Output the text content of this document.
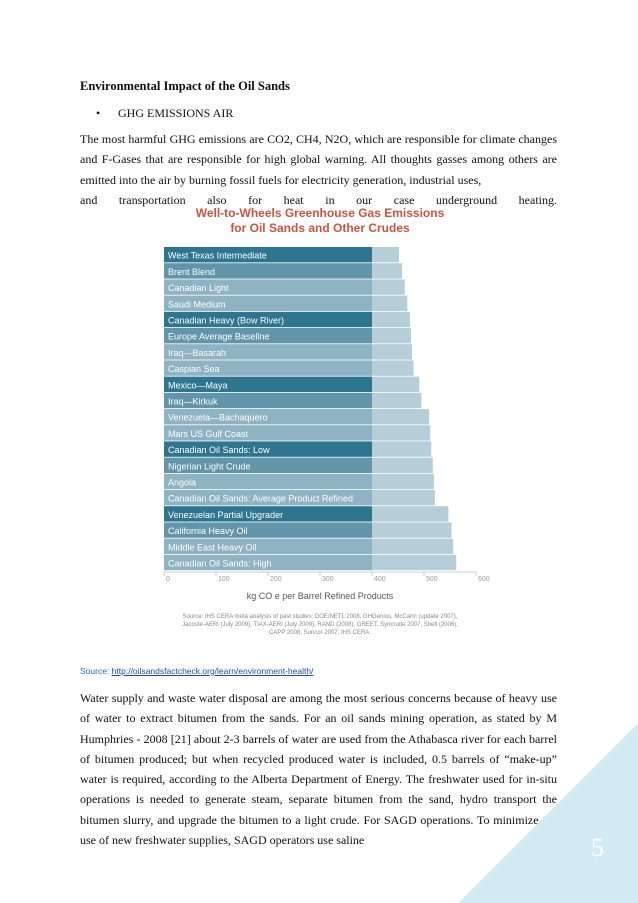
Environmental Impact of the Oil Sands
• GHG EMISSIONS AIR
The most harmful GHG emissions are CO2, CH4, N2O, which are responsible for climate changes and F-Gases that are responsible for high global warning. All thoughts gasses among others are emitted into the air by burning fossil fuels for electricity generation, industrial uses,
and transportation also for heat in our case underground heating.
Well-to-Wheels Greenhouse Gas Emissions
for Oil Sands and Other Crudes
West Texas Intermediate
Brent Blend
Canadian Light
Saudi Medium
Canadian Heavy (Bow River)
Europe Average Baseline
Iraq—Basarah
Caspian Sea
Mexico—Maya
Iraq—Kirkuk
Venezuela—Bachaquero
Mars US Gulf Coast
Canadian Oil Sands: Low
Nigerian Light Crude
Angola
Canadian Oil Sands: Average Product Refined
Venezuelan Partial Upgrader
California Heavy Oil
Middle East Heavy Oil
Canadian Oil Sands: High
0	100	200	300	400	500	600
kg CO e per Barrel Refined Products
Source: IHS CERA meta analysis of past studies: DOE/NETL 2008, GHGenius, McCann (update 2007), Jacoste-AERI (July 2009), TIAX-AERI (July 2009), RAND (2008), GREET, Syncrude 2007, Shell (2006), CAPP 2008, Suncor 2007, IHS CERA.
Source: http://oilsandsfactcheck.org/learn/environment-health/
Water supply and waste water disposal are among the most serious concerns because of heavy use of water to extract bitumen from the sands. For an oil sands mining operation, as stated by M Humphries - 2008 [21] about 2-3 barrels of water are used from the Athabasca river for each barrel of bitumen produced; but when recycled produced water is included, 0.5 barrels of “make-up” water is required, according to the Alberta Department of Energy. The freshwater used for in-situ operations is needed to generate steam, separate bitumen from the sand, hydro transport the bitumen slurry, and upgrade the bitumen to a light crude. For SAGD operations. To minimize the use of new freshwater supplies, SAGD operators use saline	5
